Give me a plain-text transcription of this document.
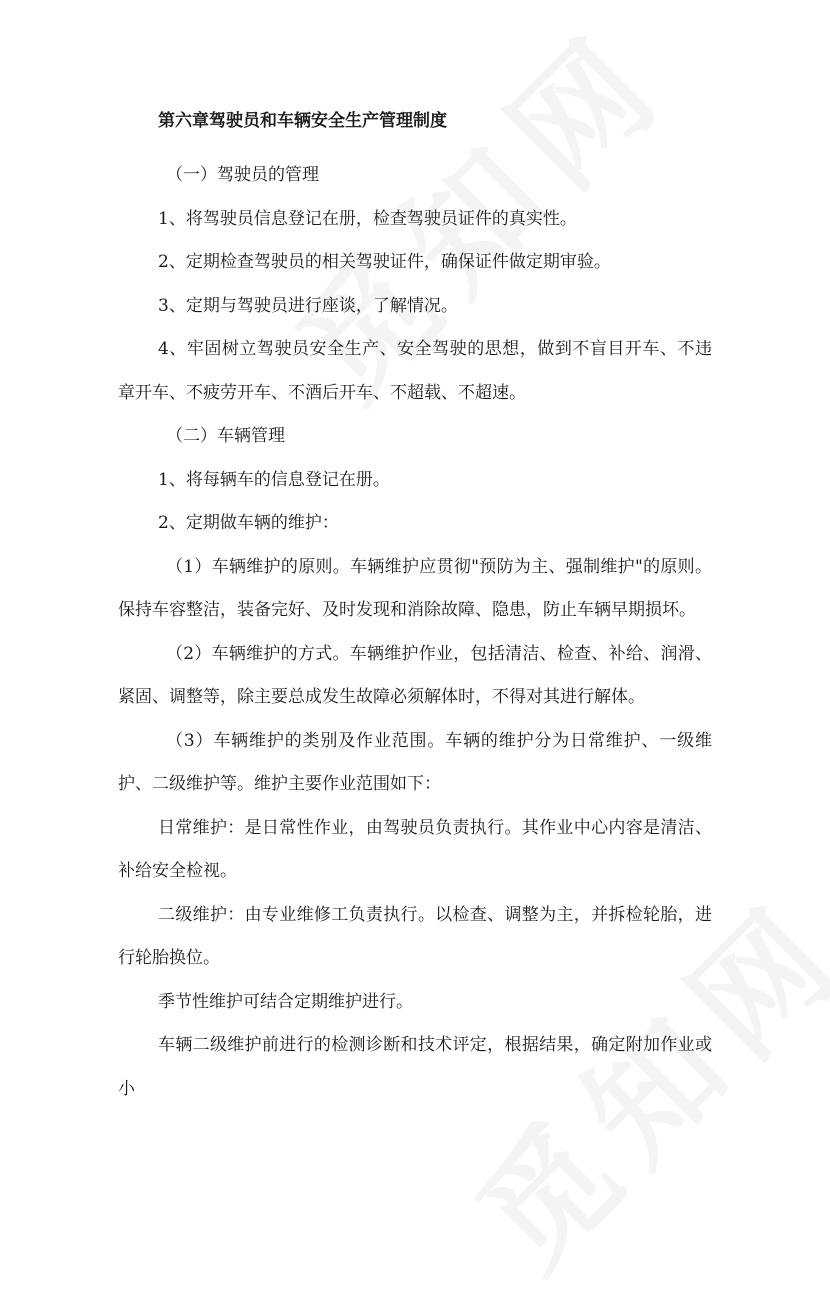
第六章驾驶员和车辆安全生产管理制度

（一）驾驶员的管理

1、将驾驶员信息登记在册，检查驾驶员证件的真实性。

2、定期检查驾驶员的相关驾驶证件，确保证件做定期审验。

3、定期与驾驶员进行座谈，了解情况。

4、牢固树立驾驶员安全生产、安全驾驶的思想，做到不盲目开车、不违章开车、不疲劳开车、不酒后开车、不超载、不超速。

（二）车辆管理

1、将每辆车的信息登记在册。

2、定期做车辆的维护：

（1）车辆维护的原则。车辆维护应贯彻"预防为主、强制维护"的原则。保持车容整洁，装备完好、及时发现和消除故障、隐患，防止车辆早期损坏。

（2）车辆维护的方式。车辆维护作业，包括清洁、检查、补给、润滑、紧固、调整等，除主要总成发生故障必须解体时，不得对其进行解体。

（3）车辆维护的类别及作业范围。车辆的维护分为日常维护、一级维护、二级维护等。维护主要作业范围如下：

日常维护：是日常性作业，由驾驶员负责执行。其作业中心内容是清洁、补给安全检视。

二级维护：由专业维修工负责执行。以检查、调整为主，并拆检轮胎，进行轮胎换位。

季节性维护可结合定期维护进行。

车辆二级维护前进行的检测诊断和技术评定，根据结果，确定附加作业或小
